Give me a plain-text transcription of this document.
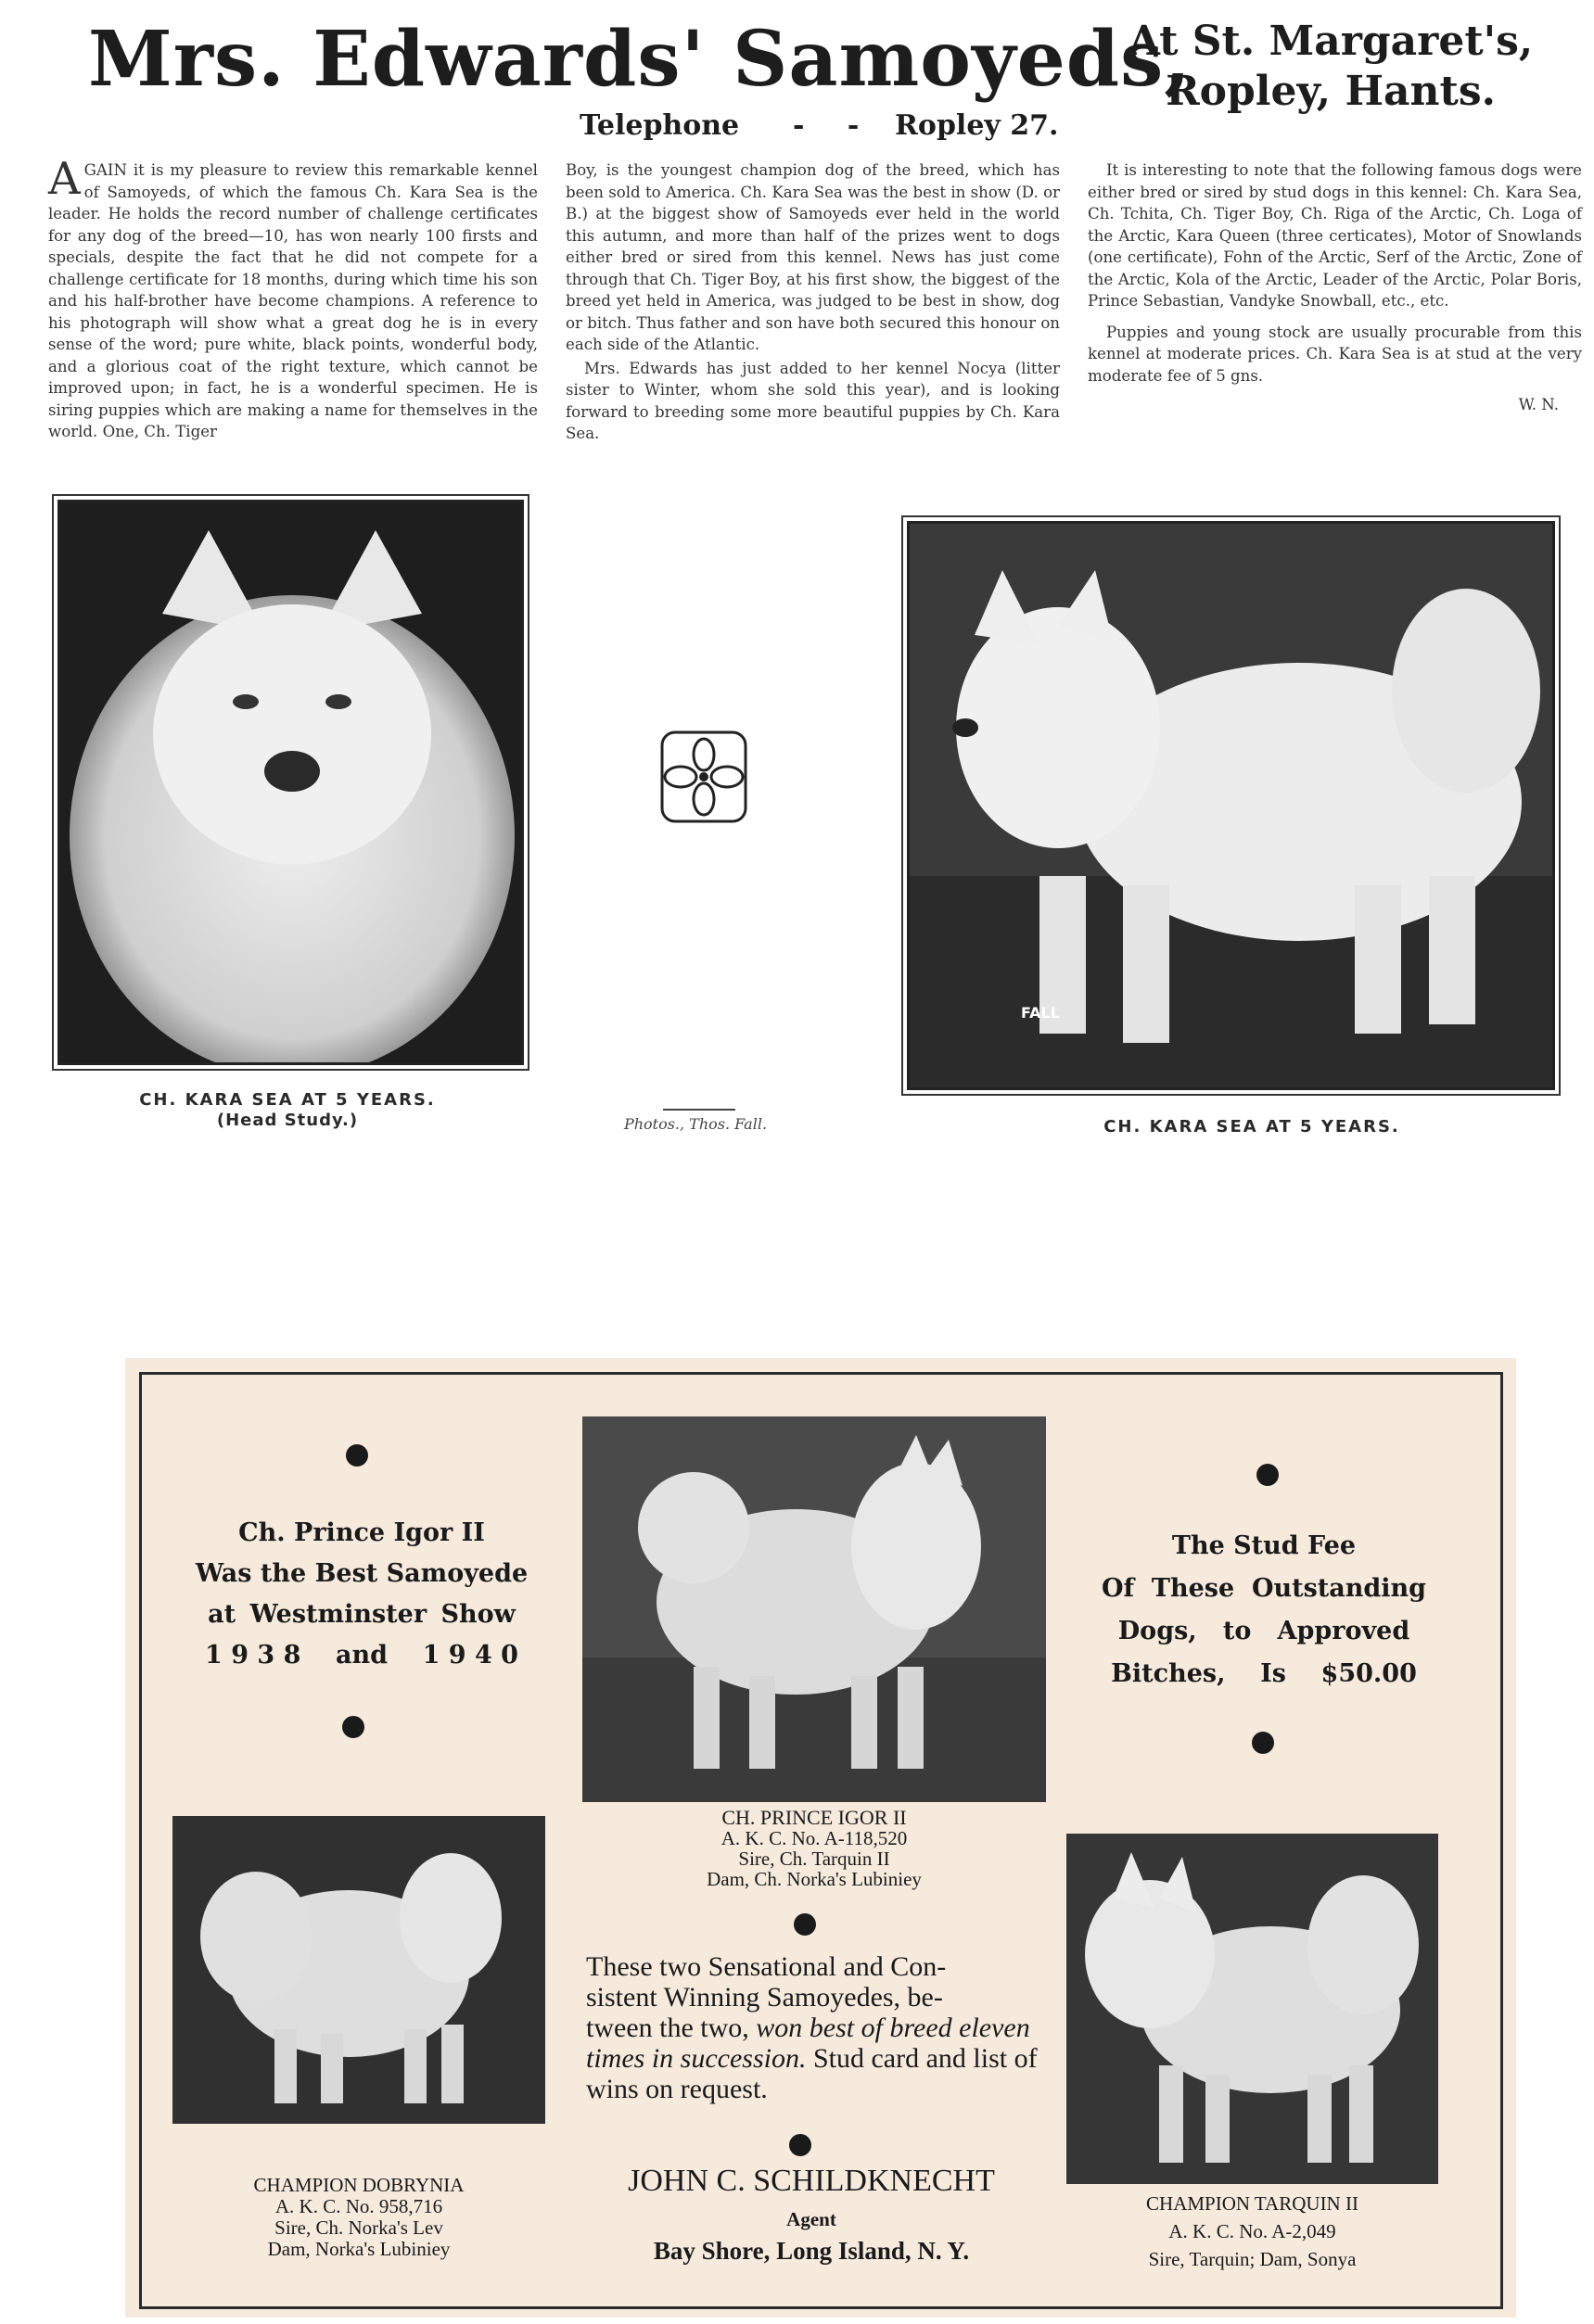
Mrs. Edwards' Samoyeds,
At St. Margaret's,
Ropley, Hants.
Telephone - - Ropley 27.
AGAIN it is my pleasure to review this remarkable kennel of Samoyeds, of which the famous Ch. Kara Sea is the leader. He holds the record number of challenge certificates for any dog of the breed—10, has won nearly 100 firsts and specials, despite the fact that he did not compete for a challenge certificate for 18 months, during which time his son and his half-brother have become champions. A reference to his photograph will show what a great dog he is in every sense of the word; pure white, black points, wonderful body, and a glorious coat of the right texture, which cannot be improved upon; in fact, he is a wonderful specimen. He is siring puppies which are making a name for themselves in the world. One, Ch. Tiger

Boy, is the youngest champion dog of the breed, which has been sold to America. Ch. Kara Sea was the best in show (D. or B.) at the biggest show of Samoyeds ever held in the world this autumn, and more than half of the prizes went to dogs either bred or sired from this kennel. News has just come through that Ch. Tiger Boy, at his first show, the biggest of the breed yet held in America, was judged to be best in show, dog or bitch. Thus father and son have both secured this honour on each side of the Atlantic.

Mrs. Edwards has just added to her kennel Nocya (litter sister to Winter, whom she sold this year), and is looking forward to breeding some more beautiful puppies by Ch. Kara Sea.

It is interesting to note that the following famous dogs were either bred or sired by stud dogs in this kennel: Ch. Kara Sea, Ch. Tchita, Ch. Tiger Boy, Ch. Riga of the Arctic, Ch. Loga of the Arctic, Kara Queen (three certicates), Motor of Snowlands (one certificate), Fohn of the Arctic, Serf of the Arctic, Zone of the Arctic, Kola of the Arctic, Leader of the Arctic, Polar Boris, Prince Sebastian, Vandyke Snowball, etc., etc.

Puppies and young stock are usually procurable from this kennel at moderate prices. Ch. Kara Sea is at stud at the very moderate fee of 5 gns.

W. N.
CH. KARA SEA AT 5 YEARS.
(Head Study.)	Photos., Thos. Fall.
FALL
CH. KARA SEA AT 5 YEARS.
Ch. Prince Igor II
Was the Best Samoyede
at Westminster Show
1 9 3 8    and    1 9 4 0
The Stud Fee
Of  These  Outstanding
Dogs,   to   Approved
Bitches,    Is    $50.00
CH. PRINCE IGOR II
A. K. C. No. A-118,520
Sire, Ch. Tarquin II
Dam, Ch. Norka's Lubiniey
CHAMPION DOBRYNIA
A. K. C. No. 958,716
Sire, Ch. Norka's Lev
Dam, Norka's Lubiniey
CHAMPION TARQUIN II
A. K. C. No. A-2,049
Sire, Tarquin; Dam, Sonya
These two Sensational and Con-
sistent Winning Samoyedes, be-
tween the two, won best of breed eleven times in succession. Stud card and list of wins on request.
JOHN C. SCHILDKNECHT
Agent
Bay Shore, Long Island, N. Y.
